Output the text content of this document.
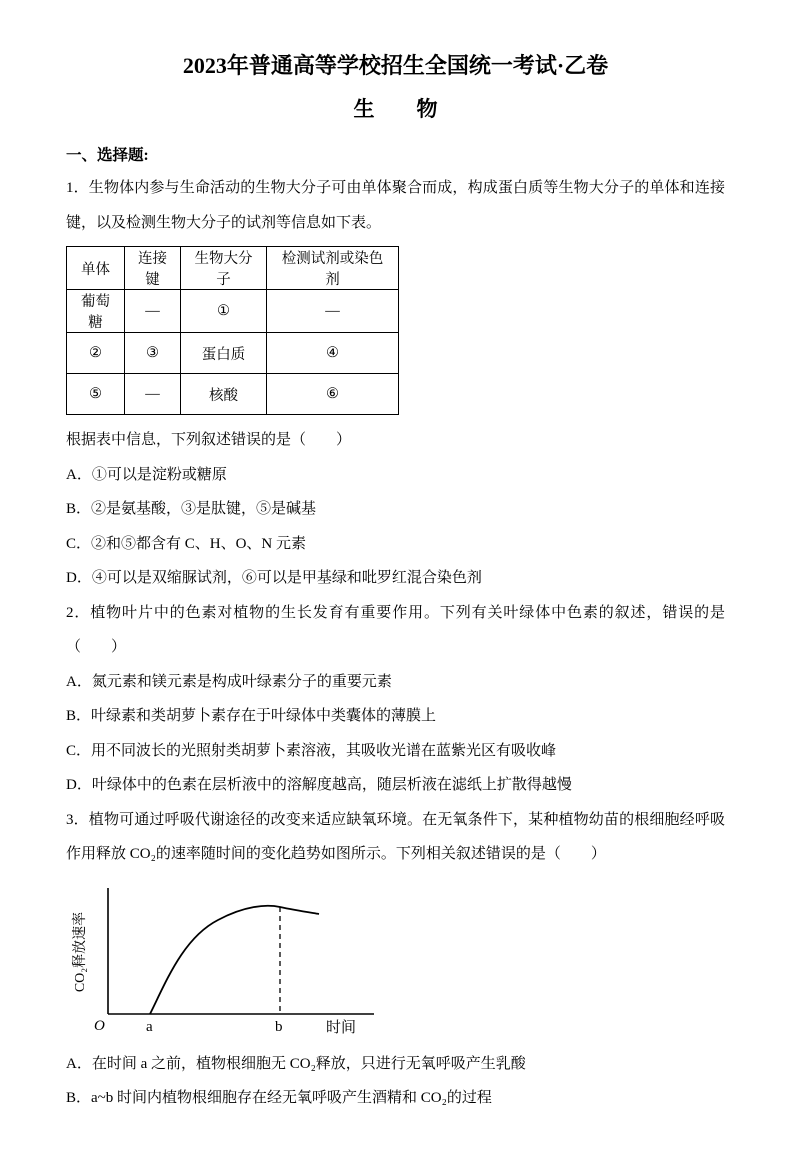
2023年普通高等学校招生全国统一考试·乙卷
生　　物
一、选择题:

1．生物体内参与生命活动的生物大分子可由单体聚合而成，构成蛋白质等生物大分子的单体和连接键，以及检测生物大分子的试剂等信息如下表。

单体	连接键	生物大分子	检测试剂或染色剂
葡萄糖	—	①	—
②	③	蛋白质	④
⑤	—	核酸	⑥

根据表中信息，下列叙述错误的是（　　）

A．①可以是淀粉或糖原

B．②是氨基酸，③是肽键，⑤是碱基

C．②和⑤都含有 C、H、O、N 元素

D．④可以是双缩脲试剂，⑥可以是甲基绿和吡罗红混合染色剂

2．植物叶片中的色素对植物的生长发育有重要作用。下列有关叶绿体中色素的叙述，错误的是（　　）

A．氮元素和镁元素是构成叶绿素分子的重要元素

B．叶绿素和类胡萝卜素存在于叶绿体中类囊体的薄膜上

C．用不同波长的光照射类胡萝卜素溶液，其吸收光谱在蓝紫光区有吸收峰

D．叶绿体中的色素在层析液中的溶解度越高，随层析液在滤纸上扩散得越慢

3．植物可通过呼吸代谢途径的改变来适应缺氧环境。在无氧条件下，某种植物幼苗的根细胞经呼吸作用释放 CO₂的速率随时间的变化趋势如图所示。下列相关叙述错误的是（　　）

O	a	b	时间
CO₂释放速率

A．在时间 a 之前，植物根细胞无 CO₂释放，只进行无氧呼吸产生乳酸

B．a~b 时间内植物根细胞存在经无氧呼吸产生酒精和 CO₂的过程
